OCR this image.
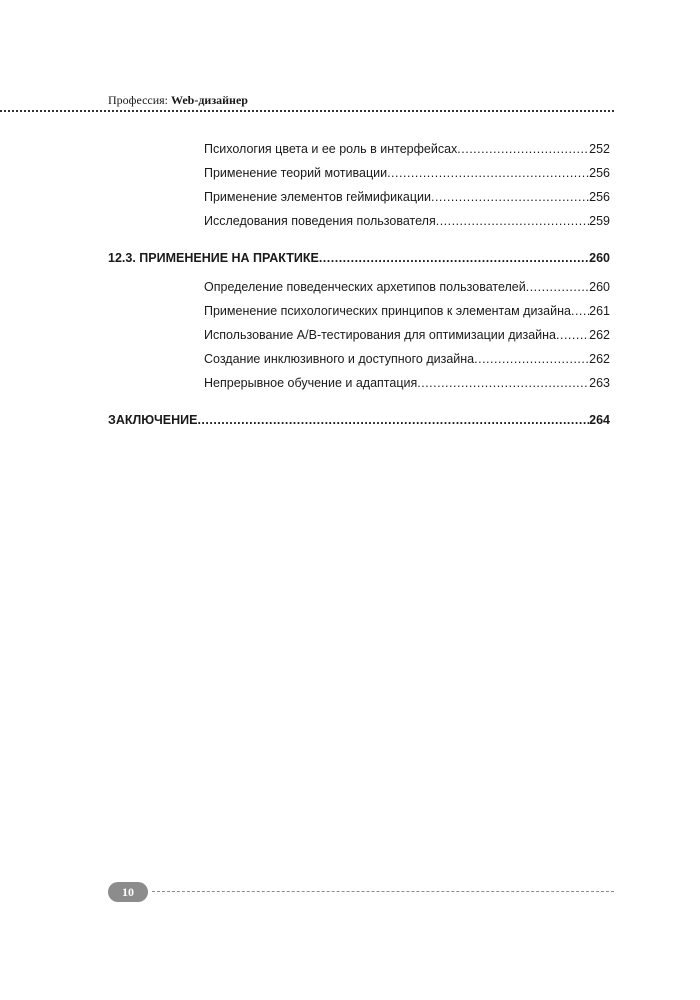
Профессия: Web-дизайнер
Психология цвета и ее роль в интерфейсах .....	252
Применение теорий мотивации .....	256
Применение элементов геймификации .....	256
Исследования поведения пользователя .....	259
12.3. ПРИМЕНЕНИЕ НА ПРАКТИКЕ .....	260
Определение поведенческих архетипов пользователей .....	260
Применение психологических принципов к элементам дизайна ..... 261
Использование A/B-тестирования для оптимизации дизайна .....	262
Создание инклюзивного и доступного дизайна .....	262
Непрерывное обучение и адаптация .....	263
ЗАКЛЮЧЕНИЕ .....	264
10
